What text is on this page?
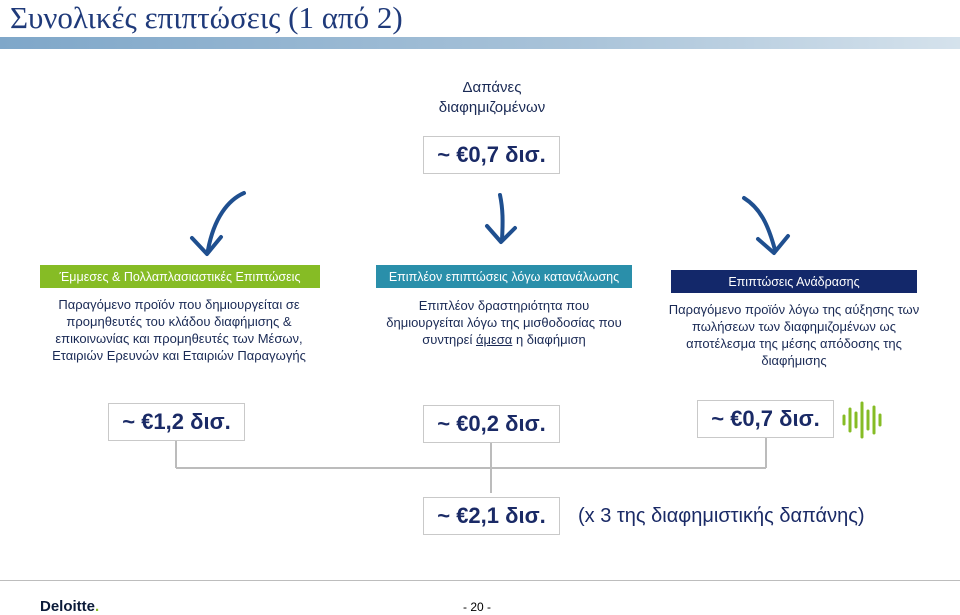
Συνολικές επιπτώσεις (1 από 2)
Δαπάνες
διαφημιζομένων
~ €0,7 δισ.
Έμμεσες & Πολλαπλασιαστικές Επιπτώσεις	Επιπλέον επιπτώσεις λόγω κατανάλωσης	Επιπτώσεις Ανάδρασης
Παραγόμενο προϊόν που δημιουργείται σε
προμηθευτές του κλάδου διαφήμισης &
επικοινωνίας και προμηθευτές των Μέσων,
Εταιριών Ερευνών και Εταιριών Παραγωγής
Επιπλέον δραστηριότητα που
δημιουργείται λόγω της μισθοδοσίας που
συντηρεί άμεσα η διαφήμιση
Παραγόμενο προϊόν λόγω της αύξησης των
πωλήσεων των διαφημιζομένων ως
αποτέλεσμα της μέσης απόδοσης της
διαφήμισης
~ €1,2 δισ.	~ €0,2 δισ.	~ €0,7 δισ.
~ €2,1 δισ.	(x 3 της διαφημιστικής δαπάνης)
Deloitte.	- 20 -
